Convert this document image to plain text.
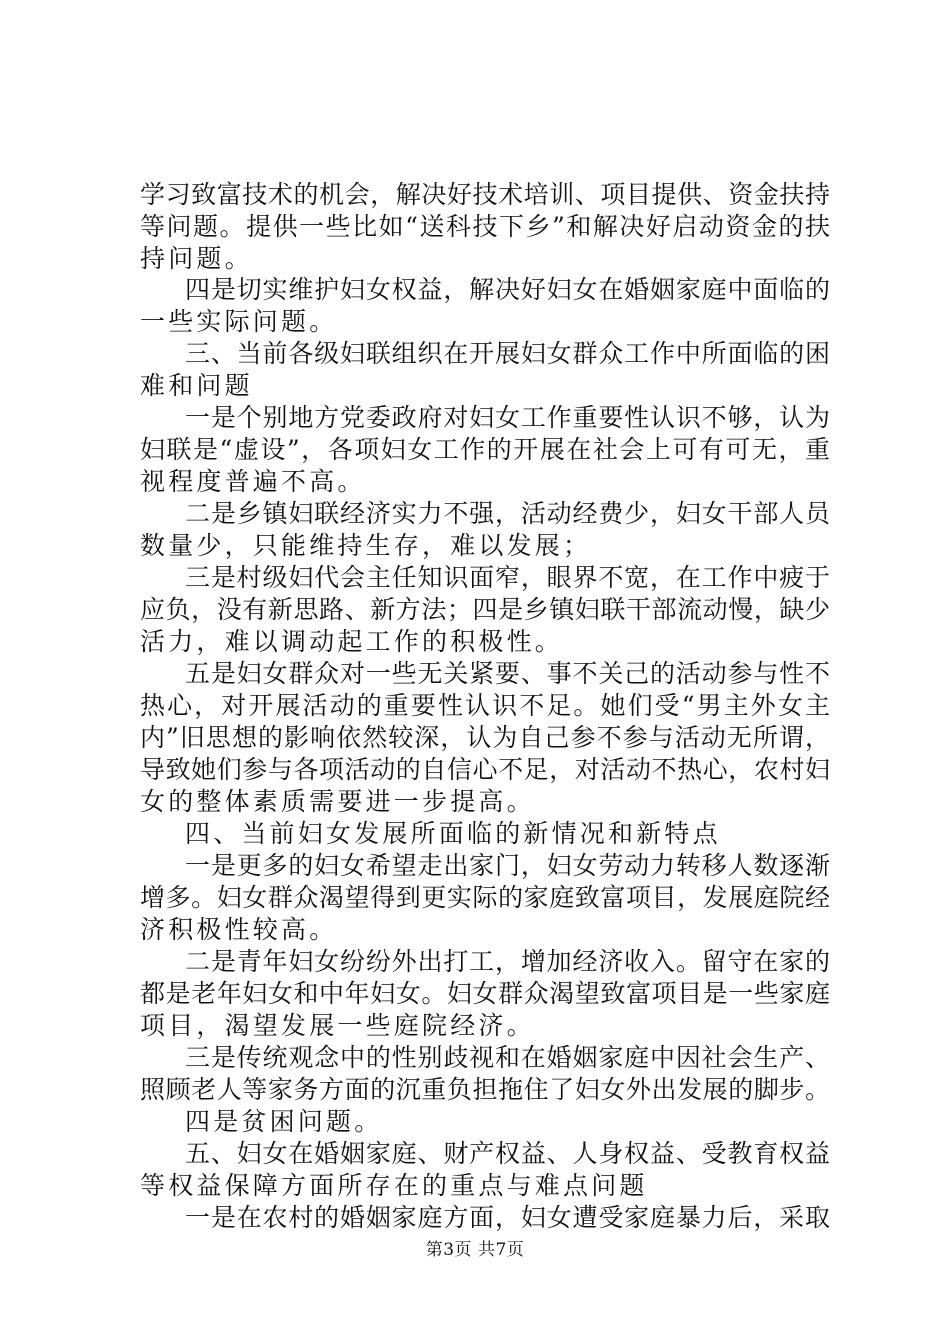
学习致富技术的机会，解决好技术培训、项目提供、资金扶持
等问题。提供一些比如“送科技下乡”和解决好启动资金的扶
持问题。
四是切实维护妇女权益，解决好妇女在婚姻家庭中面临的
一些实际问题。
三、当前各级妇联组织在开展妇女群众工作中所面临的困
难和问题
一是个别地方党委政府对妇女工作重要性认识不够，认为
妇联是“虚设”，各项妇女工作的开展在社会上可有可无，重
视程度普遍不高。
二是乡镇妇联经济实力不强，活动经费少，妇女干部人员
数量少，只能维持生存，难以发展；
三是村级妇代会主任知识面窄，眼界不宽，在工作中疲于
应负，没有新思路、新方法；四是乡镇妇联干部流动慢，缺少
活力，难以调动起工作的积极性。
五是妇女群众对一些无关紧要、事不关己的活动参与性不
热心，对开展活动的重要性认识不足。她们受“男主外女主
内”旧思想的影响依然较深，认为自己参不参与活动无所谓，
导致她们参与各项活动的自信心不足，对活动不热心，农村妇
女的整体素质需要进一步提高。
四、当前妇女发展所面临的新情况和新特点
一是更多的妇女希望走出家门，妇女劳动力转移人数逐渐
增多。妇女群众渴望得到更实际的家庭致富项目，发展庭院经
济积极性较高。
二是青年妇女纷纷外出打工，增加经济收入。留守在家的
都是老年妇女和中年妇女。妇女群众渴望致富项目是一些家庭
项目，渴望发展一些庭院经济。
三是传统观念中的性别歧视和在婚姻家庭中因社会生产、
照顾老人等家务方面的沉重负担拖住了妇女外出发展的脚步。
四是贫困问题。
五、妇女在婚姻家庭、财产权益、人身权益、受教育权益
等权益保障方面所存在的重点与难点问题
一是在农村的婚姻家庭方面，妇女遭受家庭暴力后，采取
第3页 共7页
